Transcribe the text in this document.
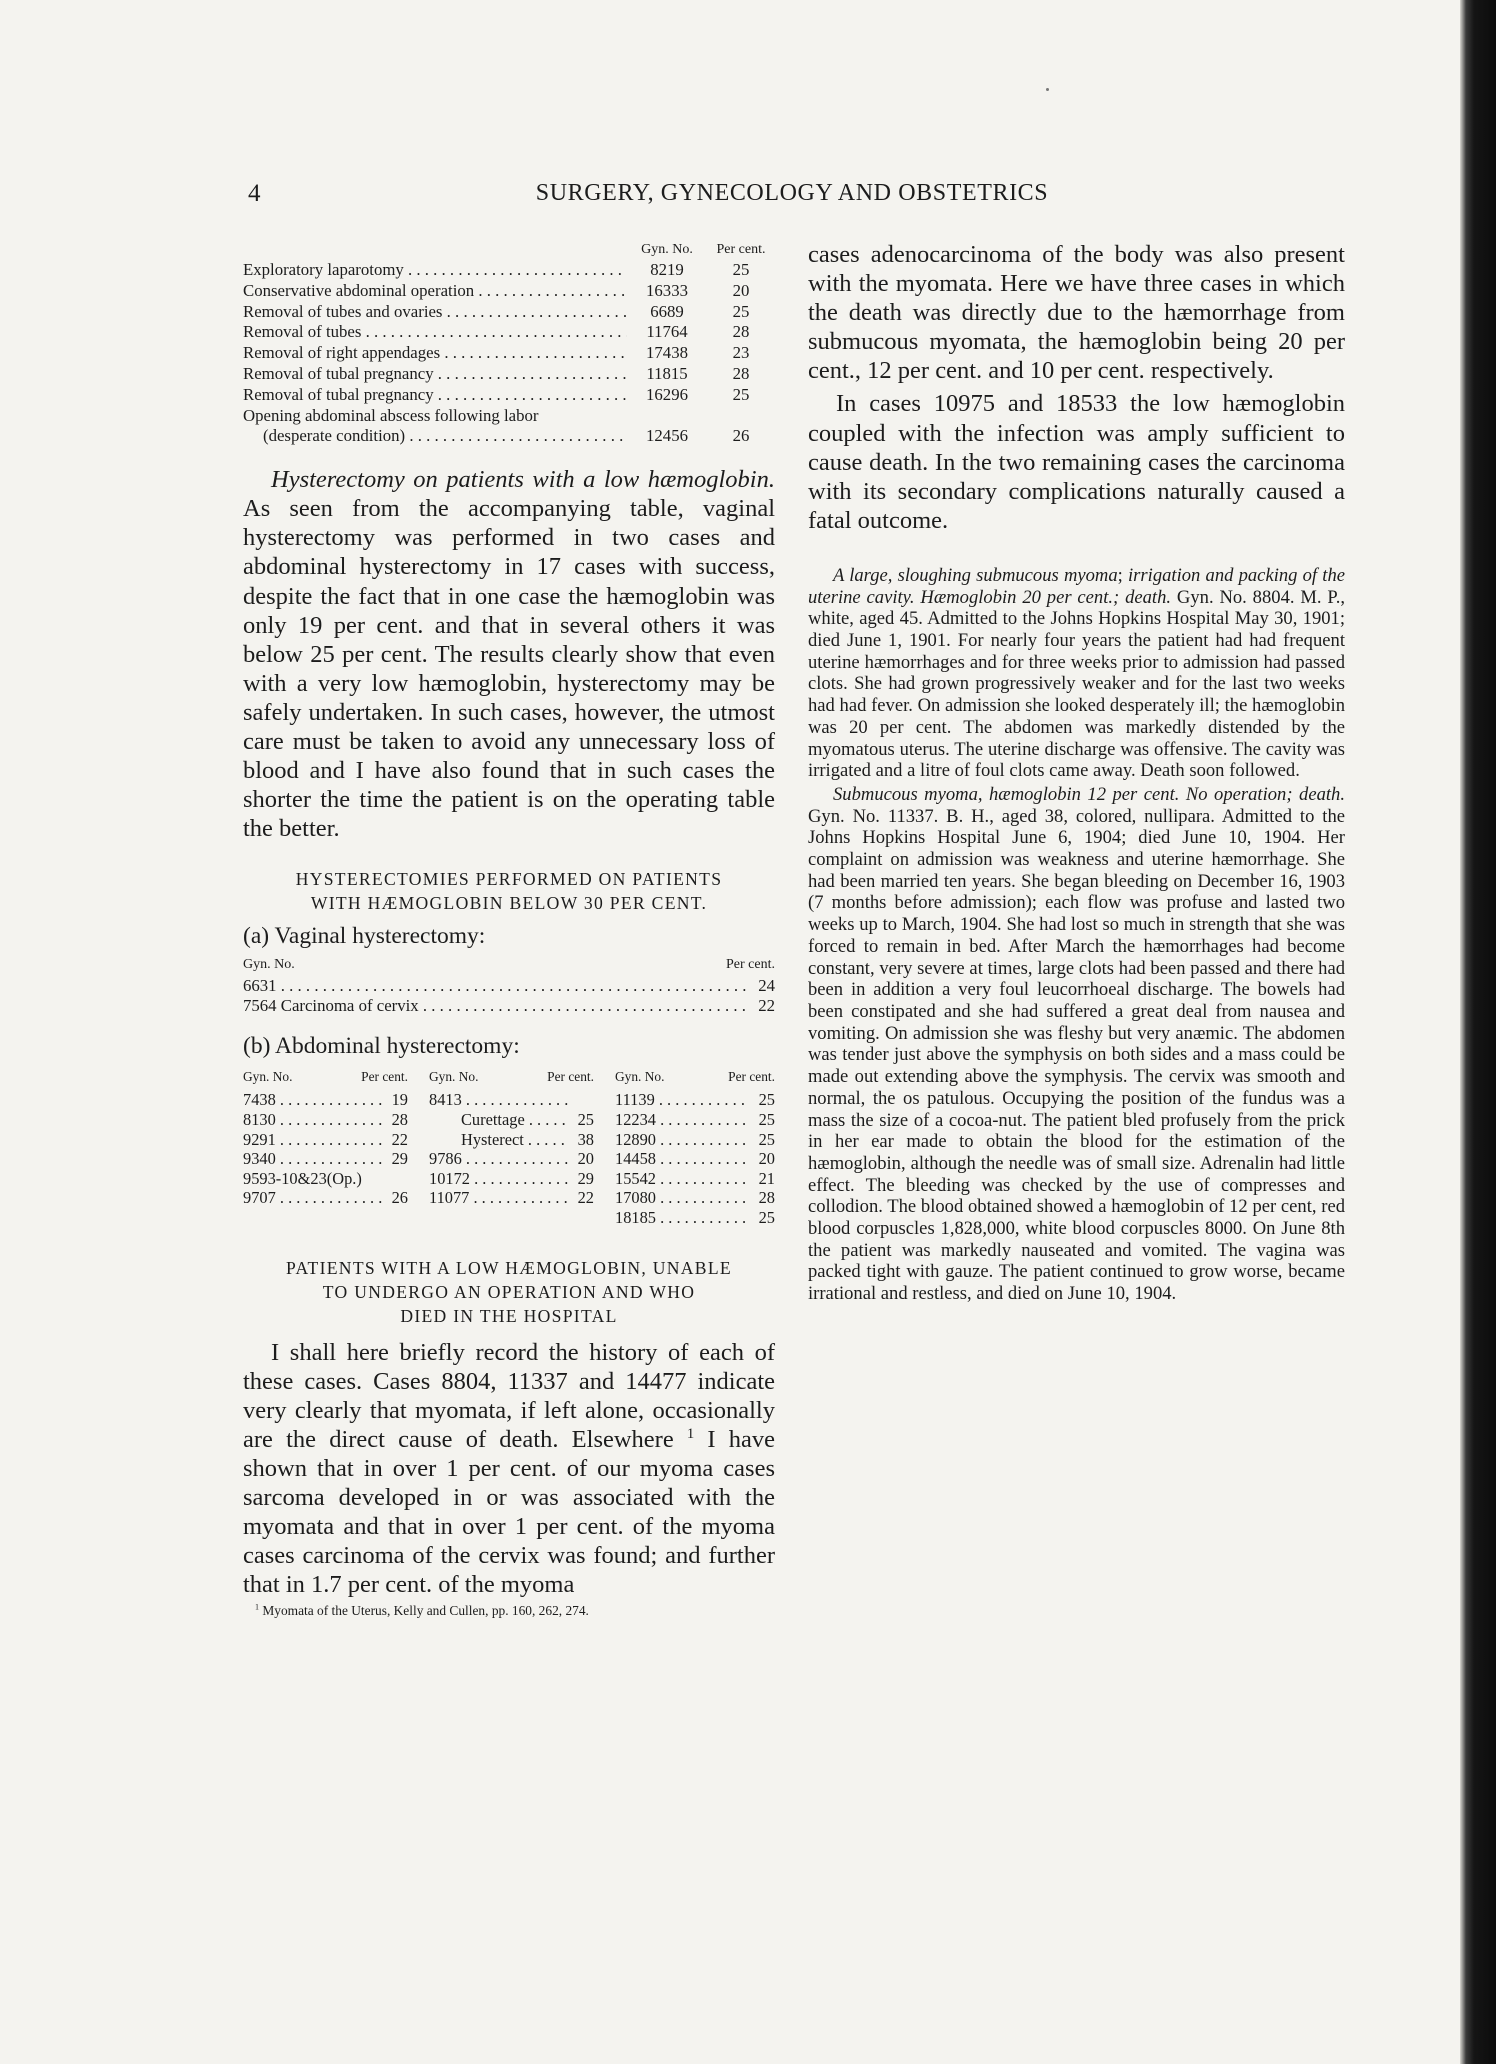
4	SURGERY, GYNECOLOGY AND OBSTETRICS
Gyn. No.	Per cent.
Exploratory laparotomy . . .	8219	25
Conservative abdominal operation . . .	16333	20
Removal of tubes and ovaries . . .	6689	25
Removal of tubes . . .	11764	28
Removal of right appendages . . .	17438	23
Removal of tubal pregnancy . . .	11815	28
Removal of tubal pregnancy . . .	16296	25
Opening abdominal abscess following labor
(desperate condition) . . .	12456	26

Hysterectomy on patients with a low hæmoglobin. As seen from the accompanying table, vaginal hysterectomy was performed in two cases and abdominal hysterectomy in 17 cases with success, despite the fact that in one case the hæmoglobin was only 19 per cent. and that in several others it was below 25 per cent. The results clearly show that even with a very low hæmoglobin, hysterectomy may be safely undertaken. In such cases, however, the utmost care must be taken to avoid any unnecessary loss of blood and I have also found that in such cases the shorter the time the patient is on the operating table the better.

HYSTERECTOMIES PERFORMED ON PATIENTS

WITH HÆMOGLOBIN BELOW 30 PER CENT.

(a) Vaginal hysterectomy:

Gyn. No.	Per cent.
6631 . . .	24
7564 Carcinoma of cervix . . .	22

(b) Abdominal hysterectomy:

Gyn. No.	Per cent.
7438 . . .	19
8130 . . .	28
9291 . . .	22
9340 . . .	29
9593-10&23(Op.)
9707 . . .	26
Gyn. No.	Per cent.
8413 . . .
Curettage . . .	25
Hysterect . . .	38
9786 . . .	20
10172 . . .	29
11077 . . .	22
Gyn. No.	Per cent.
11139 . . .	25
12234 . . .	25
12890 . . .	25
14458 . . .	20
15542 . . .	21
17080 . . .	28
18185 . . .	25

PATIENTS WITH A LOW HÆMOGLOBIN, UNABLE

TO UNDERGO AN OPERATION AND WHO

DIED IN THE HOSPITAL

I shall here briefly record the history of each of these cases. Cases 8804, 11337 and 14477 indicate very clearly that myomata, if left alone, occasionally are the direct cause of death. Elsewhere $^1$ I have shown that in over 1 per cent. of our myoma cases sarcoma developed in or was associated with the myomata and that in over 1 per cent. of the myoma cases carcinoma of the cervix was found; and further that in 1.7 per cent. of the myoma

$^1$ Myomata of the Uterus, Kelly and Cullen, pp. 160, 262, 274.

cases adenocarcinoma of the body was also present with the myomata. Here we have three cases in which the death was directly due to the hæmorrhage from submucous myomata, the hæmoglobin being 20 per cent., 12 per cent. and 10 per cent. respectively.

In cases 10975 and 18533 the low hæmoglobin coupled with the infection was amply sufficient to cause death. In the two remaining cases the carcinoma with its secondary complications naturally caused a fatal outcome.

A large, sloughing submucous myoma; irrigation and packing of the uterine cavity. Hæmoglobin 20 per cent.; death. Gyn. No. 8804. M. P., white, aged 45. Admitted to the Johns Hopkins Hospital May 30, 1901; died June 1, 1901. For nearly four years the patient had had frequent uterine hæmorrhages and for three weeks prior to admission had passed clots. She had grown progressively weaker and for the last two weeks had had fever. On admission she looked desperately ill; the hæmoglobin was 20 per cent. The abdomen was markedly distended by the myomatous uterus. The uterine discharge was offensive. The cavity was irrigated and a litre of foul clots came away. Death soon followed.

Submucous myoma, hæmoglobin 12 per cent. No operation; death. Gyn. No. 11337. B. H., aged 38, colored, nullipara. Admitted to the Johns Hopkins Hospital June 6, 1904; died June 10, 1904. Her complaint on admission was weakness and uterine hæmorrhage. She had been married ten years. She began bleeding on December 16, 1903 (7 months before admission); each flow was profuse and lasted two weeks up to March, 1904. She had lost so much in strength that she was forced to remain in bed. After March the hæmorrhages had become constant, very severe at times, large clots had been passed and there had been in addition a very foul leucorrhoeal discharge. The bowels had been constipated and she had suffered a great deal from nausea and vomiting. On admission she was fleshy but very anæmic. The abdomen was tender just above the symphysis on both sides and a mass could be made out extending above the symphysis. The cervix was smooth and normal, the os patulous. Occupying the position of the fundus was a mass the size of a cocoa-nut. The patient bled profusely from the prick in her ear made to obtain the blood for the estimation of the hæmoglobin, although the needle was of small size. Adrenalin had little effect. The bleeding was checked by the use of compresses and collodion. The blood obtained showed a hæmoglobin of 12 per cent, red blood corpuscles 1,828,000, white blood corpuscles 8000. On June 8th the patient was markedly nauseated and vomited. The vagina was packed tight with gauze. The patient continued to grow worse, became irrational and restless, and died on June 10, 1904.
